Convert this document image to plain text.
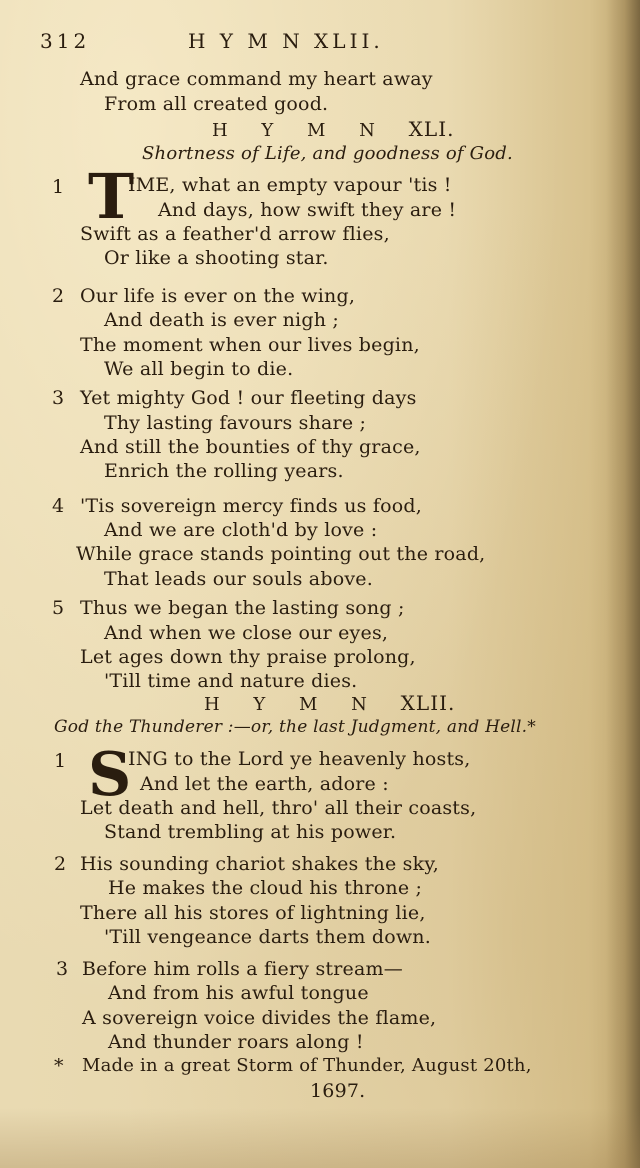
312	H Y M N XLII.
And grace command my heart away
From all created good.
H Y M N XLI.
Shortness of Life, and goodness of God.
1 T
IME, what an empty vapour 'tis !
And days, how swift they are !
Swift as a feather'd arrow flies,
Or like a shooting star.
2 Our life is ever on the wing,
And death is ever nigh ;
The moment when our lives begin,
We all begin to die.
3 Yet mighty God ! our fleeting days
Thy lasting favours share ;
And still the bounties of thy grace,
Enrich the rolling years.
4 'Tis sovereign mercy finds us food,
And we are cloth'd by love :
While grace stands pointing out the road,
That leads our souls above.
5 Thus we began the lasting song ;
And when we close our eyes,
Let ages down thy praise prolong,
'Till time and nature dies.
H Y M N XLII.
God the Thunderer :—or, the last Judgment, and Hell.*
1 S
ING to the Lord ye heavenly hosts,
And let the earth, adore :
Let death and hell, thro' all their coasts,
Stand trembling at his power.
2 His sounding chariot shakes the sky,
He makes the cloud his throne ;
There all his stores of lightning lie,
'Till vengeance darts them down.
3 Before him rolls a fiery stream—
And from his awful tongue
A sovereign voice divides the flame,
And thunder roars along !
* Made in a great Storm of Thunder, August 20th,
1697.
